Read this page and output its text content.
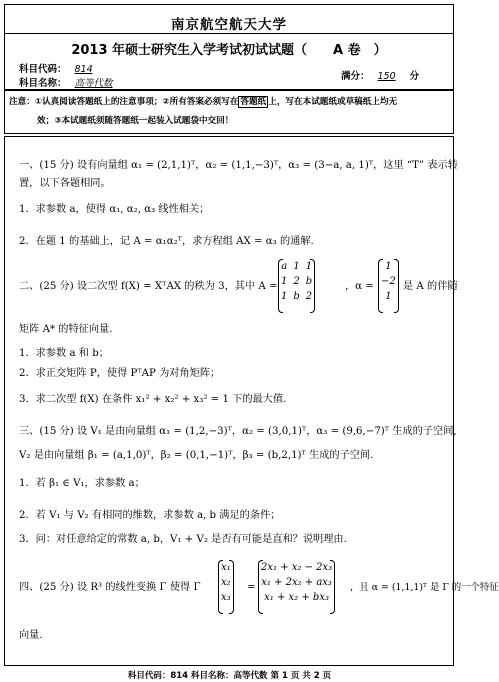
南京航空航天大学
2013 年硕士研究生入学考试初试试题（　　A 卷　）
科目代码： 814
科目名称： 高等代数
满分： 150 分
注意：①认真阅读答题纸上的注意事项；②所有答案必须写在 答题纸 上，写在本试题纸或草稿纸上均无
效；③本试题纸须随答题纸一起装入试题袋中交回！
一、(15 分) 设有向量组 α₁ = (2,1,1)ᵀ，α₂ = (1,1,−3)ᵀ，α₃ = (3−a, a, 1)ᵀ，这里 “T” 表示转
置，以下各题相同。
1．求参数 a，使得 α₁, α₂, α₃ 线性相关；
2．在题 1 的基础上，记 A = α₁α₂ᵀ，求方程组 AX = α₃ 的通解.
二、(25 分) 设二次型 f(X) = XᵀAX 的秩为 3，其中 A =
a	1	1
1	2	b
1	b	2
，α =
1
−2
1
是 A 的伴随
矩阵 A* 的特征向量.
1．求参数 a 和 b；
2．求正交矩阵 P，使得 PᵀAP 为对角矩阵；
3．求二次型 f(X) 在条件 x₁² + x₂² + x₃² = 1 下的最大值.
三、(15 分) 设 V₁ 是由向量组 α₁ = (1,2,−3)ᵀ，α₂ = (3,0,1)ᵀ，α₃ = (9,6,−7)ᵀ 生成的子空间,
V₂ 是由向量组 β₁ = (a,1,0)ᵀ，β₂ = (0,1,−1)ᵀ，β₃ = (b,2,1)ᵀ 生成的子空间.
1．若 β₁ ∈ V₁，求参数 a；
2．若 V₁ 与 V₂ 有相同的维数，求参数 a, b 满足的条件；
3．问：对任意给定的常数 a, b，V₁ + V₂ 是否有可能是直和？说明理由.
四、(25 分) 设 R³ 的线性变换 Γ 使得 Γ
x₁
x₂
x₃
=
2x₁ + x₂ − 2x₃
x₁ + 2x₂ + ax₃
x₁ + x₂ + bx₃
，且 α = (1,1,1)ᵀ 是 Γ 的一个特征
向量.
科目代码：814 科目名称：高等代数 第 1 页 共 2 页
